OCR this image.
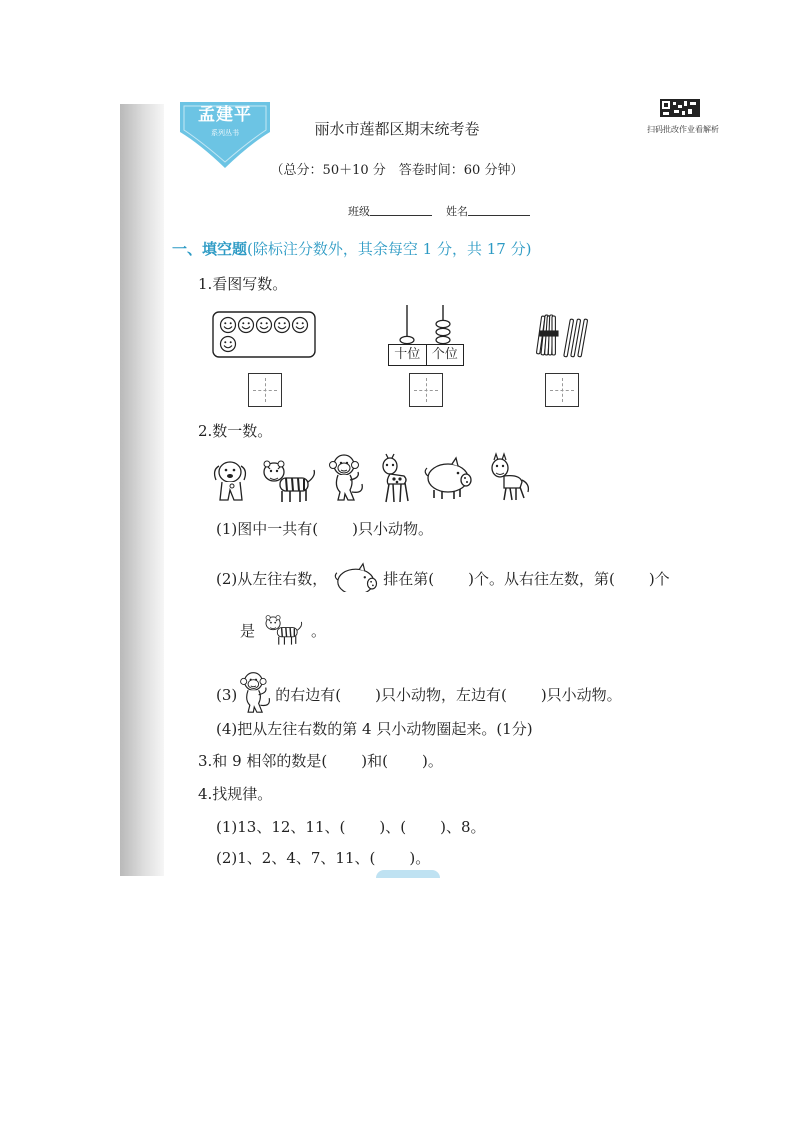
孟建平
系列丛书	扫码批改作业看解析
丽水市莲都区期末统考卷
（总分：50＋10 分　答卷时间：60 分钟）
班级	姓名
一、填空题(除标注分数外，其余每空 1 分，共 17 分)
1.看图写数。
十位 个位
2.数一数。
(1)图中一共有( )只小动物。
(2)从左往右数，	排在第( )个。从右往左数，第( )个
是	。
(3)	的右边有( )只小动物，左边有( )只小动物。
(4)把从左往右数的第 4 只小动物圈起来。(1分)
3.和 9 相邻的数是( )和( )。
4.找规律。
(1)13、12、11、( )、( )、8。
(2)1、2、4、7、11、( )。
